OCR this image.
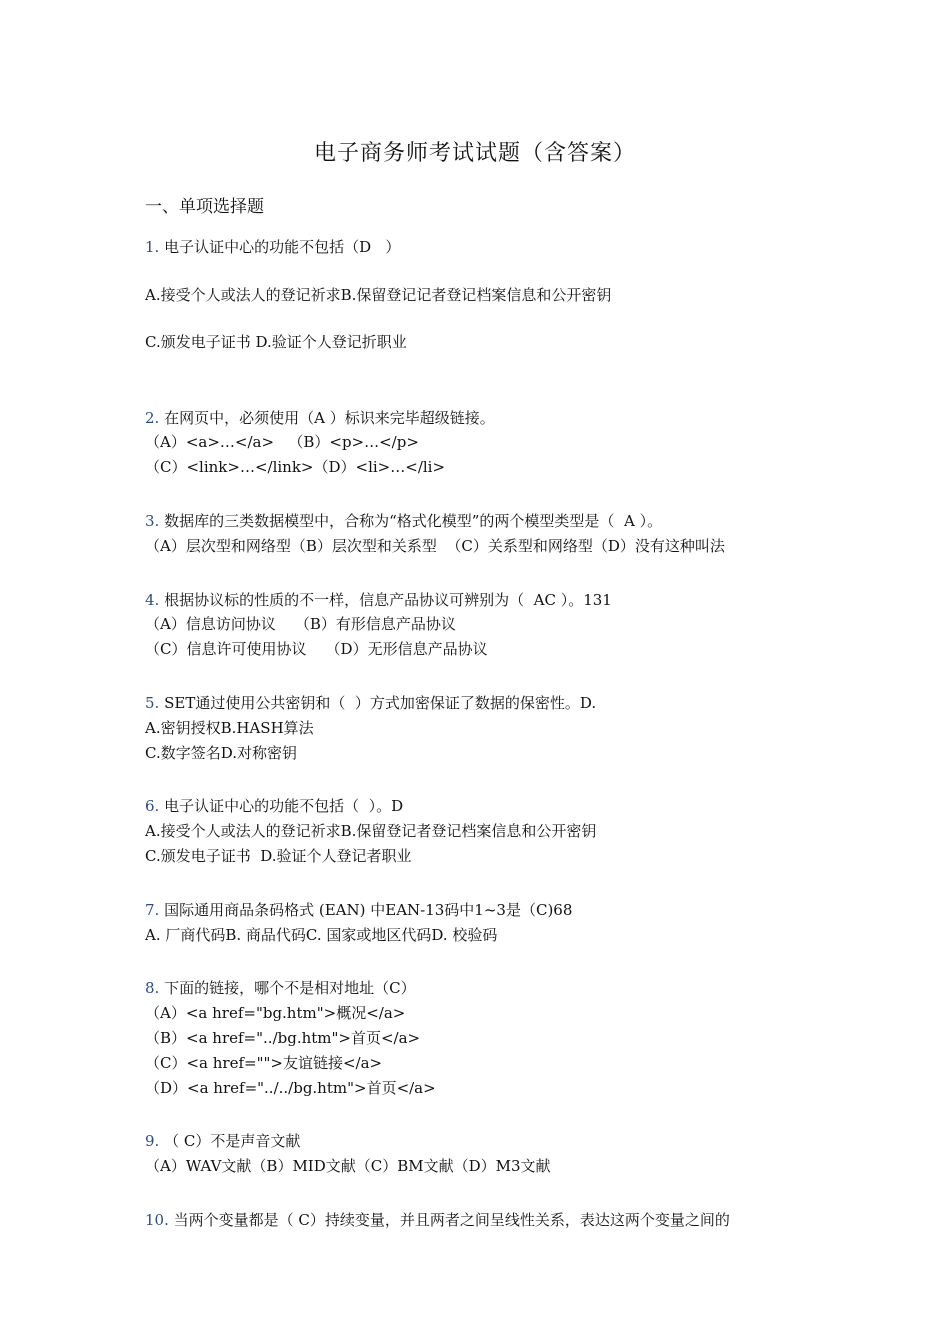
电子商务师考试试题（含答案）
一、单项选择题
1. 电子认证中心的功能不包括（D   ）
A.接受个人或法人的登记祈求B.保留登记记者登记档案信息和公开密钥
C.颁发电子证书 D.验证个人登记折职业
2. 在网页中，必须使用（A ）标识来完毕超级链接。
（A）<a>…</a>   （B）<p>…</p>
（C）<link>…</link>（D）<li>…</li>
3. 数据库的三类数据模型中，合称为“格式化模型”的两个模型类型是（  A ）。
（A）层次型和网络型（B）层次型和关系型  （C）关系型和网络型（D）没有这种叫法
4. 根据协议标的性质的不一样，信息产品协议可辨别为（  AC ）。131
（A）信息访问协议    （B）有形信息产品协议
（C）信息许可使用协议    （D）无形信息产品协议
5. SET通过使用公共密钥和（  ）方式加密保证了数据的保密性。D.
A.密钥授权B.HASH算法
C.数字签名D.对称密钥
6. 电子认证中心的功能不包括（  ）。D
A.接受个人或法人的登记祈求B.保留登记者登记档案信息和公开密钥
C.颁发电子证书  D.验证个人登记者职业
7. 国际通用商品条码格式 (EAN) 中EAN-13码中1~3是（C)68
A. 厂商代码B. 商品代码C. 国家或地区代码D. 校验码
8. 下面的链接，哪个不是相对地址（C）
（A）<a href="bg.htm">概况</a>
（B）<a href="../bg.htm">首页</a>
（C）<a href="">友谊链接</a>
（D）<a href="../../bg.htm">首页</a>
9. （ C）不是声音文献
（A）WAV文献（B）MID文献（C）BM文献（D）M3文献
10. 当两个变量都是（ C）持续变量，并且两者之间呈线性关系，表达这两个变量之间的
